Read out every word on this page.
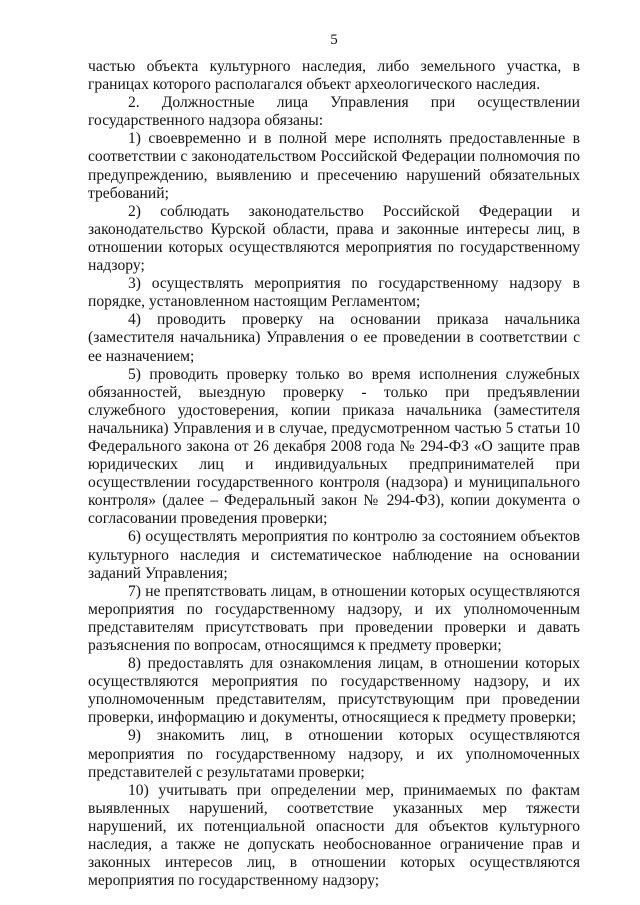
5

частью объекта культурного наследия, либо земельного участка, в границах которого располагался объект археологического наследия.

2. Должностные лица Управления при осуществлении государственного надзора обязаны:

1) своевременно и в полной мере исполнять предоставленные в соответствии с законодательством Российской Федерации полномочия по предупреждению, выявлению и пресечению нарушений обязательных требований;

2) соблюдать законодательство Российской Федерации и законодательство Курской области, права и законные интересы лиц, в отношении которых осуществляются мероприятия по государственному надзору;

3) осуществлять мероприятия по государственному надзору в порядке, установленном настоящим Регламентом;

4) проводить проверку на основании приказа начальника (заместителя начальника) Управления о ее проведении в соответствии с ее назначением;

5) проводить проверку только во время исполнения служебных обязанностей, выездную проверку - только при предъявлении служебного удостоверения, копии приказа начальника (заместителя начальника) Управления и в случае, предусмотренном частью 5 статьи 10 Федерального закона от 26 декабря 2008 года № 294-ФЗ «О защите прав юридических лиц и индивидуальных предпринимателей при осуществлении государственного контроля (надзора) и муниципального контроля» (далее – Федеральный закон № 294-ФЗ), копии документа о согласовании проведения проверки;

6) осуществлять мероприятия по контролю за состоянием объектов культурного наследия и систематическое наблюдение на основании заданий Управления;

7) не препятствовать лицам, в отношении которых осуществляются мероприятия по государственному надзору, и их уполномоченным представителям присутствовать при проведении проверки и давать разъяснения по вопросам, относящимся к предмету проверки;

8) предоставлять для ознакомления лицам, в отношении которых осуществляются мероприятия по государственному надзору, и их уполномоченным представителям, присутствующим при проведении проверки, информацию и документы, относящиеся к предмету проверки;

9) знакомить лиц, в отношении которых осуществляются мероприятия по государственному надзору, и их уполномоченных представителей с результатами проверки;

10) учитывать при определении мер, принимаемых по фактам выявленных нарушений, соответствие указанных мер тяжести нарушений, их потенциальной опасности для объектов культурного наследия, а также не допускать необоснованное ограничение прав и законных интересов лиц, в отношении которых осуществляются мероприятия по государственному надзору;
